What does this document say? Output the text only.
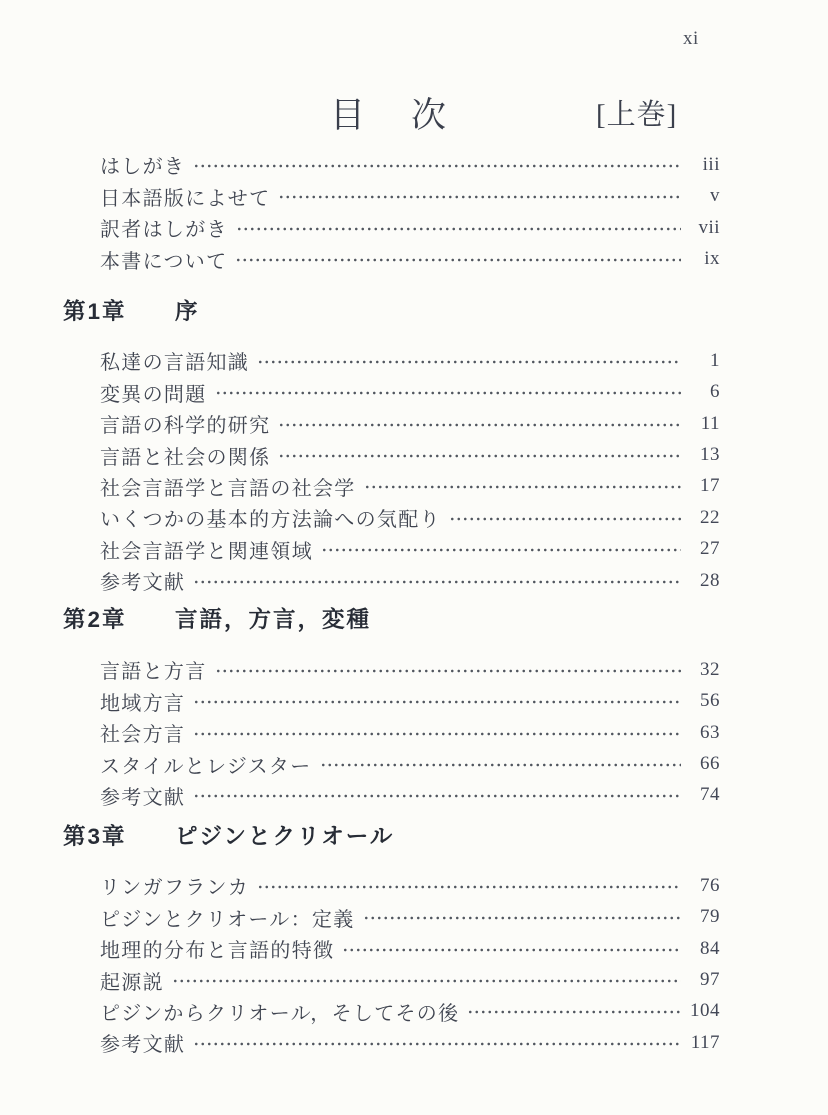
xi
目 次	[上巻]
はしがき	iii
日本語版によせて	v
訳者はしがき	vii
本書について	ix
第1章	序
私達の言語知識	1
変異の問題	6
言語の科学的研究	11
言語と社会の関係	13
社会言語学と言語の社会学	17
いくつかの基本的方法論への気配り	22
社会言語学と関連領域	27
参考文献	28
第2章	言語，方言，変種
言語と方言	32
地域方言	56
社会方言	63
スタイルとレジスター	66
参考文献	74
第3章	ピジンとクリオール
リンガフランカ	76
ピジンとクリオール：定義	79
地理的分布と言語的特徴	84
起源説	97
ピジンからクリオール，そしてその後	104
参考文献	117
